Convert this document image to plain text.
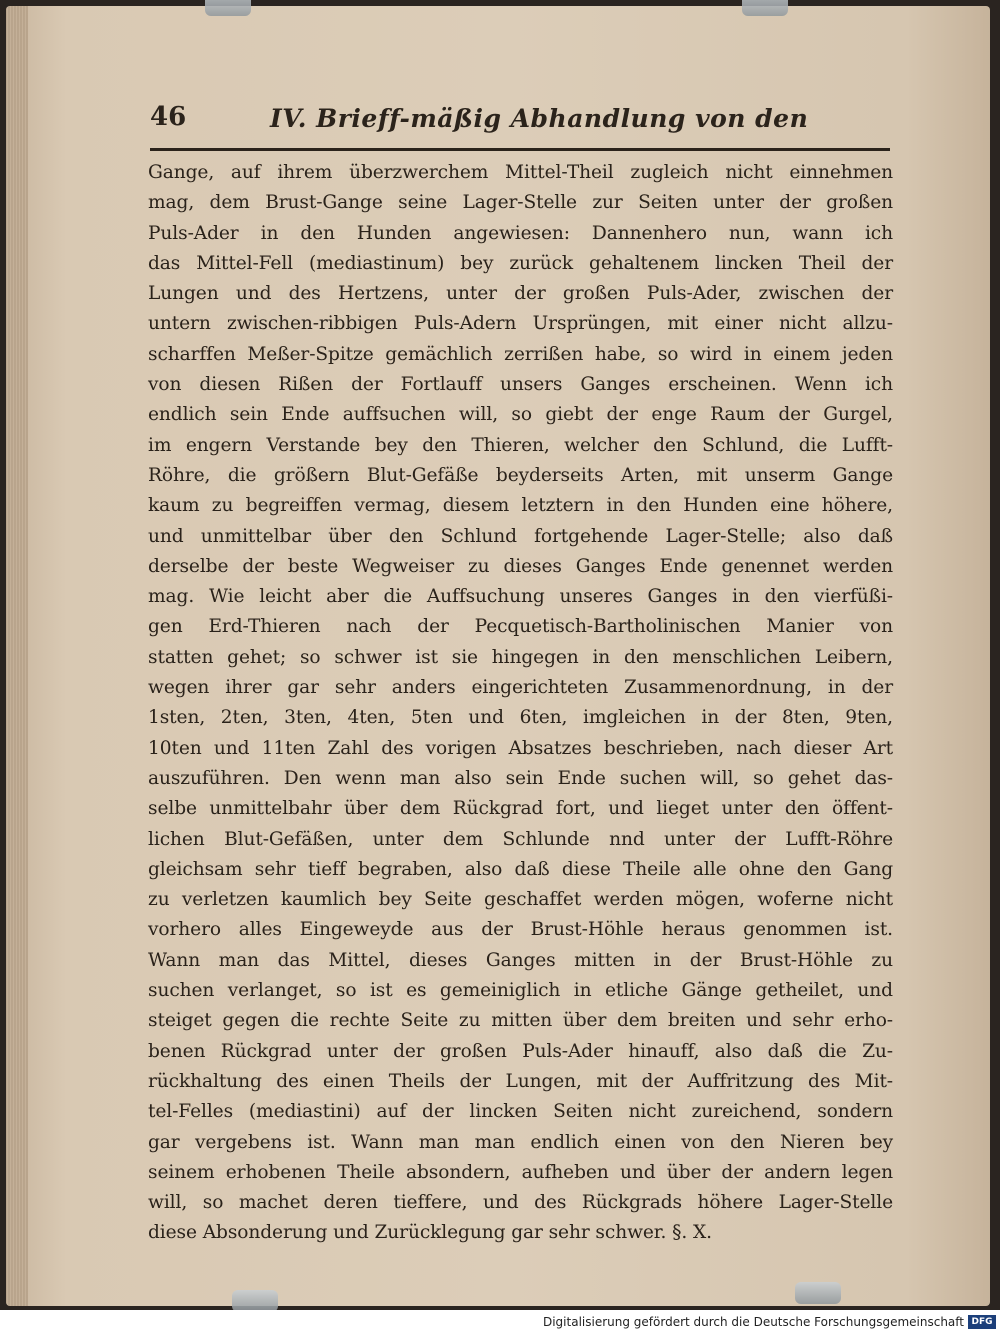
46	IV. Brieff-mäßig Abhandlung von den
Gange, auf ihrem überzwerchem Mittel-Theil zugleich nicht einnehmen
mag, dem Brust-Gange seine Lager-Stelle zur Seiten unter der großen
Puls-Ader in den Hunden angewiesen: Dannenhero nun, wann ich
das Mittel-Fell (mediastinum) bey zurück gehaltenem lincken Theil der
Lungen und des Hertzens, unter der großen Puls-Ader, zwischen der
untern zwischen-ribbigen Puls-Adern Ursprüngen, mit einer nicht allzu-
scharffen Meßer-Spitze gemächlich zerrißen habe, so wird in einem jeden
von diesen Rißen der Fortlauff unsers Ganges erscheinen. Wenn ich
endlich sein Ende auffsuchen will, so giebt der enge Raum der Gurgel,
im engern Verstande bey den Thieren, welcher den Schlund, die Lufft-
Röhre, die größern Blut-Gefäße beyderseits Arten, mit unserm Gange
kaum zu begreiffen vermag, diesem letztern in den Hunden eine höhere,
und unmittelbar über den Schlund fortgehende Lager-Stelle; also daß
derselbe der beste Wegweiser zu dieses Ganges Ende genennet werden
mag. Wie leicht aber die Auffsuchung unseres Ganges in den vierfüßi-
gen Erd-Thieren nach der Pecquetisch-Bartholinischen Manier von
statten gehet; so schwer ist sie hingegen in den menschlichen Leibern,
wegen ihrer gar sehr anders eingerichteten Zusammenordnung, in der
1sten, 2ten, 3ten, 4ten, 5ten und 6ten, imgleichen in der 8ten, 9ten,
10ten und 11ten Zahl des vorigen Absatzes beschrieben, nach dieser Art
auszuführen. Den wenn man also sein Ende suchen will, so gehet das-
selbe unmittelbahr über dem Rückgrad fort, und lieget unter den öffent-
lichen Blut-Gefäßen, unter dem Schlunde nnd unter der Lufft-Röhre
gleichsam sehr tieff begraben, also daß diese Theile alle ohne den Gang
zu verletzen kaumlich bey Seite geschaffet werden mögen, woferne nicht
vorhero alles Eingeweyde aus der Brust-Höhle heraus genommen ist.
Wann man das Mittel, dieses Ganges mitten in der Brust-Höhle zu
suchen verlanget, so ist es gemeiniglich in etliche Gänge getheilet, und
steiget gegen die rechte Seite zu mitten über dem breiten und sehr erho-
benen Rückgrad unter der großen Puls-Ader hinauff, also daß die Zu-
rückhaltung des einen Theils der Lungen, mit der Auffritzung des Mit-
tel-Felles (mediastini) auf der lincken Seiten nicht zureichend, sondern
gar vergebens ist. Wann man man endlich einen von den Nieren bey
seinem erhobenen Theile absondern, aufheben und über der andern legen
will, so machet deren tieffere, und des Rückgrads höhere Lager-Stelle
diese Absonderung und Zurücklegung gar sehr schwer. §. X.
Digitalisierung gefördert durch die Deutsche Forschungsgemeinschaft DFG
